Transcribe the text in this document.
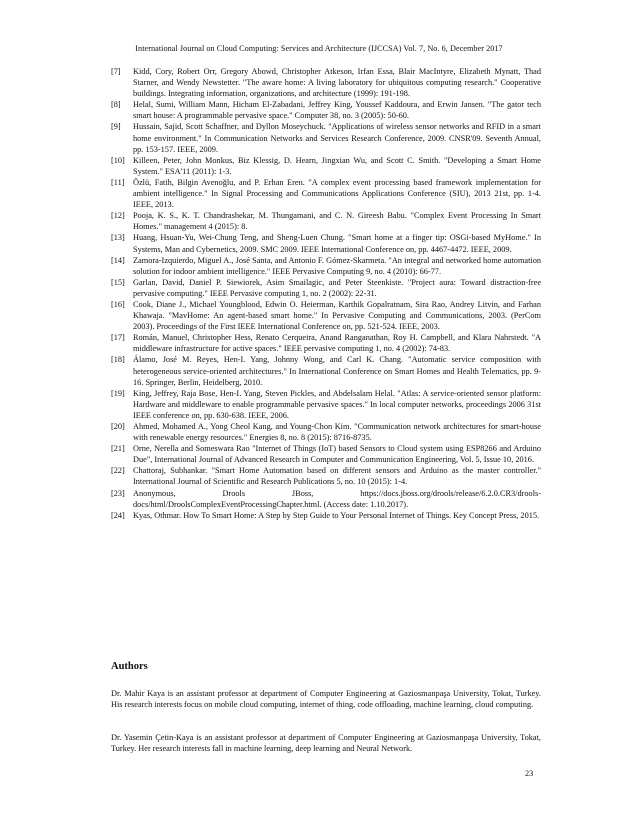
International Journal on Cloud Computing: Services and Architecture (IJCCSA) Vol. 7, No. 6, December 2017
[7]	Kidd, Cory, Robert Orr, Gregory Abowd, Christopher Atkeson, Irfan Essa, Blair MacIntyre, Elizabeth Mynatt, Thad Starner, and Wendy Newstetter. "The aware home: A living laboratory for ubiquitous computing research." Cooperative buildings. Integrating information, organizations, and architecture (1999): 191-198.
[8]	Helal, Sumi, William Mann, Hicham El-Zabadani, Jeffrey King, Youssef Kaddoura, and Erwin Jansen. "The gator tech smart house: A programmable pervasive space." Computer 38, no. 3 (2005): 50-60.
[9]	Hussain, Sajid, Scott Schaffner, and Dyllon Moseychuck. "Applications of wireless sensor networks and RFID in a smart home environment." In Communication Networks and Services Research Conference, 2009. CNSR'09. Seventh Annual, pp. 153-157. IEEE, 2009.
[10] Killeen, Peter, John Monkus, Biz Klessig, D. Hearn, Jingxian Wu, and Scott C. Smith. "Developing a Smart Home System." ESA'11 (2011): 1-3.
[11]	Özlü, Fatih, Bilgin Avenoğlu, and P. Erhan Eren. "A complex event processing based framework implementation for ambient intelligence." In Signal Processing and Communications Applications Conference (SIU), 2013 21st, pp. 1-4. IEEE, 2013.
[12] Pooja, K. S., K. T. Chandrashekar, M. Thungamani, and C. N. Gireesh Babu. "Complex Event Processing In Smart Homes." management 4 (2015): 8.
[13] Huang, Hsuan-Yu, Wei-Chung Teng, and Sheng-Luen Chung. "Smart home at a finger tip: OSGi-based MyHome." In Systems, Man and Cybernetics, 2009. SMC 2009. IEEE International Conference on, pp. 4467-4472. IEEE, 2009.
[14] Zamora-Izquierdo, Miguel A., José Santa, and Antonio F. Gómez-Skarmeta. "An integral and networked home automation solution for indoor ambient intelligence." IEEE Pervasive Computing 9, no. 4 (2010): 66-77.
[15] Garlan, David, Daniel P. Siewiorek, Asim Smailagic, and Peter Steenkiste. "Project aura: Toward distraction-free pervasive computing." IEEE Pervasive computing 1, no. 2 (2002): 22-31.
[16] Cook, Diane J., Michael Youngblood, Edwin O. Heierman, Karthik Gopalratnam, Sira Rao, Andrey Litvin, and Farhan Khawaja. "MavHome: An agent-based smart home." In Pervasive Computing and Communications, 2003. (PerCom 2003). Proceedings of the First IEEE International Conference on, pp. 521-524. IEEE, 2003.
[17] Román, Manuel, Christopher Hess, Renato Cerqueira, Anand Ranganathan, Roy H. Campbell, and Klara Nahrstedt. "A middleware infrastructure for active spaces." IEEE pervasive computing 1, no. 4 (2002): 74-83.
[18] Álamo, José M. Reyes, Hen-I. Yang, Johnny Wong, and Carl K. Chang. "Automatic service composition with heterogeneous service-oriented architectures." In International Conference on Smart Homes and Health Telematics, pp. 9-16. Springer, Berlin, Heidelberg, 2010.
[19] King, Jeffrey, Raja Bose, Hen-I. Yang, Steven Pickles, and Abdelsalam Helal. "Atlas: A service-oriented sensor platform: Hardware and middleware to enable programmable pervasive spaces." In local computer networks, proceedings 2006 31st IEEE conference on, pp. 630-638. IEEE, 2006.
[20] Ahmed, Mohamed A., Yong Cheol Kang, and Young-Chon Kim. "Communication network architectures for smart-house with renewable energy resources." Energies 8, no. 8 (2015): 8716-8735.
[21] Orne, Nerella and Someswara Rao "Internet of Things (IoT) based Sensors to Cloud system using ESP8266 and Arduino Due", International Journal of Advanced Research in Computer and Communication Engineering, Vol. 5, Issue 10, 2016.
[22] Chattoraj, Subhankar. "Smart Home Automation based on different sensors and Arduino as the master controller." International Journal of Scientific and Research Publications 5, no. 10 (2015): 1-4.
[23] Anonymous, Drools JBoss, https://docs.jboss.org/drools/release/6.2.0.CR3/drools-docs/html/DroolsComplexEventProcessingChapter.html. (Access date: 1.10.2017).
[24] Kyas, Othmar. How To Smart Home: A Step by Step Guide to Your Personal Internet of Things. Key Concept Press, 2015.
Authors
Dr. Mahir Kaya is an assistant professor at department of Computer Engineering at Gaziosmanpaşa University, Tokat, Turkey. His research interests focus on mobile cloud computing, internet of thing, code offloading, machine learning, cloud computing.
Dr. Yasemin Çetin-Kaya is an assistant professor at department of Computer Engineering at Gaziosmanpaşa University, Tokat, Turkey. Her research interests fall in machine learning, deep learning and Neural Network.
23
